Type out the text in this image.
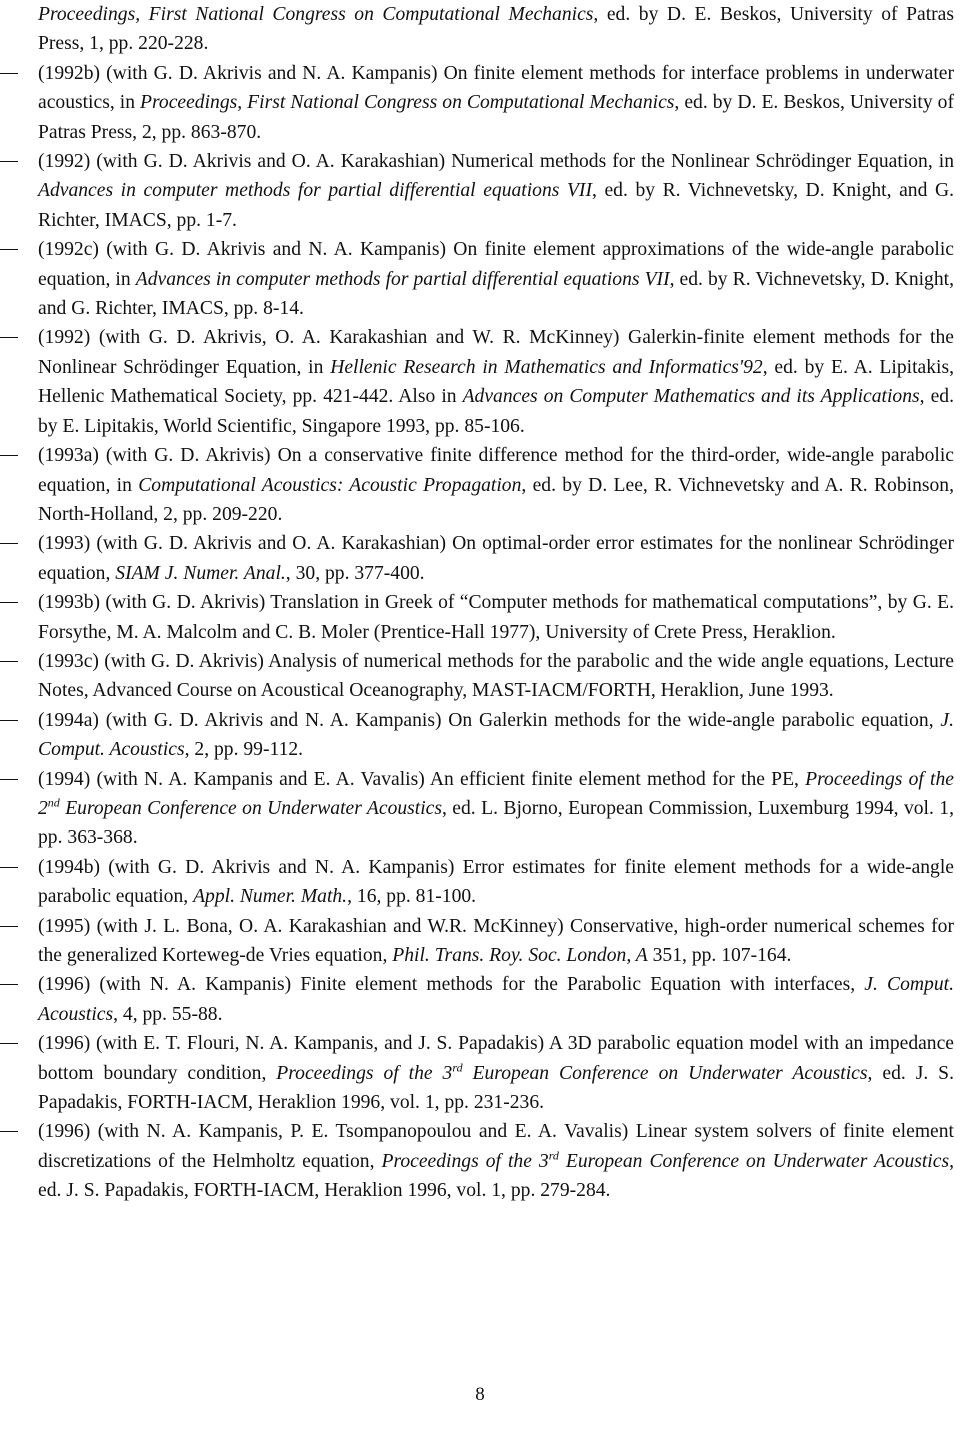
Proceedings, First National Congress on Computational Mechanics, ed. by D. E. Beskos, University of Patras Press, 1, pp. 220-228.

(1992b) (with G. D. Akrivis and N. A. Kampanis) On finite element methods for interface problems in underwater acoustics, in Proceedings, First National Congress on Computational Mechanics, ed. by D. E. Beskos, University of Patras Press, 2, pp. 863-870.

(1992) (with G. D. Akrivis and O. A. Karakashian) Numerical methods for the Nonlinear Schrödinger Equation, in Advances in computer methods for partial differential equations VII, ed. by R. Vichnevetsky, D. Knight, and G. Richter, IMACS, pp. 1-7.

(1992c) (with G. D. Akrivis and N. A. Kampanis) On finite element approximations of the wide-angle parabolic equation, in Advances in computer methods for partial differential equations VII, ed. by R. Vichnevetsky, D. Knight, and G. Richter, IMACS, pp. 8-14.

(1992) (with G. D. Akrivis, O. A. Karakashian and W. R. McKinney) Galerkin-finite element methods for the Nonlinear Schrödinger Equation, in Hellenic Research in Mathematics and Informatics'92, ed. by E. A. Lipitakis, Hellenic Mathematical Society, pp. 421-442. Also in Advances on Computer Mathematics and its Applications, ed. by E. Lipitakis, World Scientific, Singapore 1993, pp. 85-106.

(1993a) (with G. D. Akrivis) On a conservative finite difference method for the third-order, wide-angle parabolic equation, in Computational Acoustics: Acoustic Propagation, ed. by D. Lee, R. Vichnevetsky and A. R. Robinson, North-Holland, 2, pp. 209-220.

(1993) (with G. D. Akrivis and O. A. Karakashian) On optimal-order error estimates for the nonlinear Schrödinger equation, SIAM J. Numer. Anal., 30, pp. 377-400.

(1993b) (with G. D. Akrivis) Translation in Greek of “Computer methods for mathematical computations”, by G. E. Forsythe, M. A. Malcolm and C. B. Moler (Prentice-Hall 1977), University of Crete Press, Heraklion.

(1993c) (with G. D. Akrivis) Analysis of numerical methods for the parabolic and the wide angle equations, Lecture Notes, Advanced Course on Acoustical Oceanography, MAST-IACM/FORTH, Heraklion, June 1993.

(1994a) (with G. D. Akrivis and N. A. Kampanis) On Galerkin methods for the wide-angle parabolic equation, J. Comput. Acoustics, 2, pp. 99-112.

(1994) (with N. A. Kampanis and E. A. Vavalis) An efficient finite element method for the PE, Proceedings of the 2nd European Conference on Underwater Acoustics, ed. L. Bjorno, European Commission, Luxemburg 1994, vol. 1, pp. 363-368.

(1994b) (with G. D. Akrivis and N. A. Kampanis) Error estimates for finite element methods for a wide-angle parabolic equation, Appl. Numer. Math., 16, pp. 81-100.

(1995) (with J. L. Bona, O. A. Karakashian and W.R. McKinney) Conservative, high-order numerical schemes for the generalized Korteweg-de Vries equation, Phil. Trans. Roy. Soc. London, A 351, pp. 107-164.

(1996) (with N. A. Kampanis) Finite element methods for the Parabolic Equation with interfaces, J. Comput. Acoustics, 4, pp. 55-88.

(1996) (with E. T. Flouri, N. A. Kampanis, and J. S. Papadakis) A 3D parabolic equation model with an impedance bottom boundary condition, Proceedings of the 3rd European Conference on Underwater Acoustics, ed. J. S. Papadakis, FORTH-IACM, Heraklion 1996, vol. 1, pp. 231-236.

(1996) (with N. A. Kampanis, P. E. Tsompanopoulou and E. A. Vavalis) Linear system solvers of finite element discretizations of the Helmholtz equation, Proceedings of the 3rd European Conference on Underwater Acoustics, ed. J. S. Papadakis, FORTH-IACM, Heraklion 1996, vol. 1, pp. 279-284.

8
